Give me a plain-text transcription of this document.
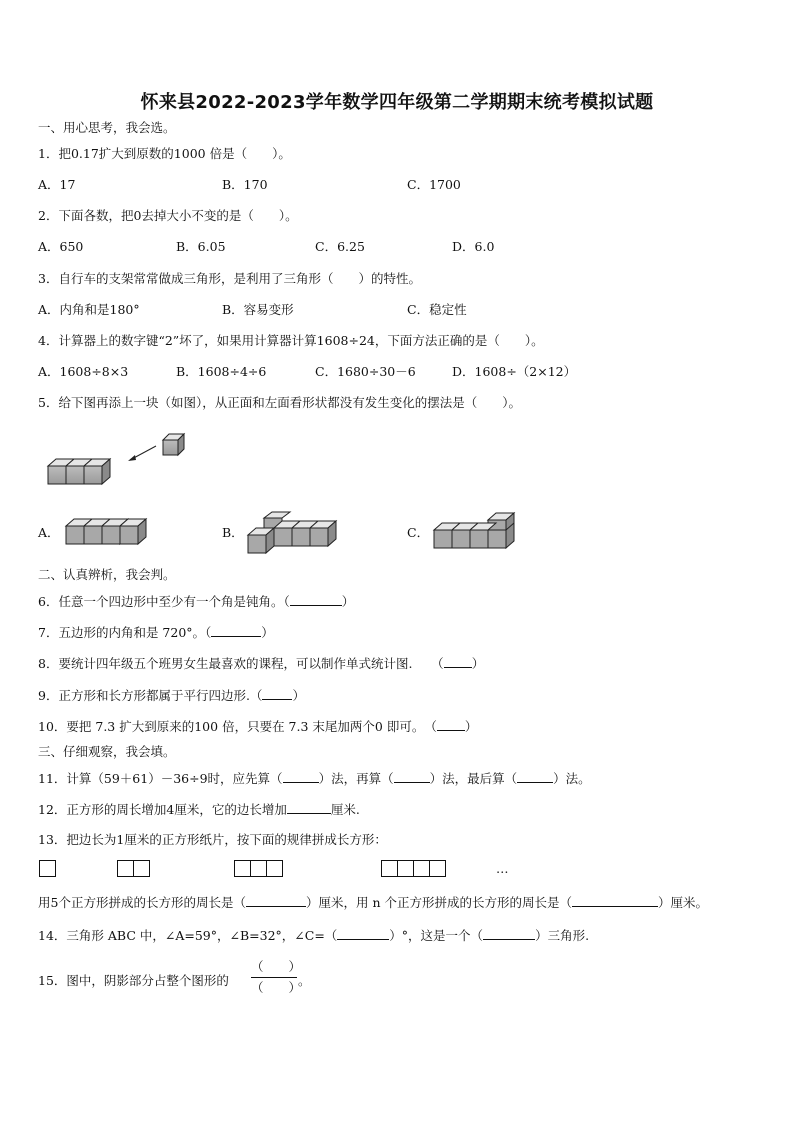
怀来县2022-2023学年数学四年级第二学期期末统考模拟试题
一、用心思考，我会选。
1．把0.17扩大到原数的1000 倍是（　　）。
A．17	B．170	C．1700
2．下面各数，把0去掉大小不变的是（　　）。
A．650	B．6.05	C．6.25	D．6.0
3．自行车的支架常常做成三角形，是利用了三角形（　　）的特性。
A．内角和是180°	B．容易变形	C．稳定性
4．计算器上的数字键“2”坏了，如果用计算器计算1608÷24，下面方法正确的是（　　）。
A．1608÷8×3	B．1608÷4÷6	C．1680÷30－6	D．1608÷（2×12）
5．给下图再添上一块（如图），从正面和左面看形状都没有发生变化的摆法是（　　）。
A．	B．	C．
二、认真辨析，我会判。
6．任意一个四边形中至少有一个角是钝角。（	）
7．五边形的内角和是 720°。（	）
8．要统计四年级五个班男女生最喜欢的课程，可以制作单式统计图.　　（ ）
9．正方形和长方形都属于平行四边形.（ ）
10．要把 7.3 扩大到原来的100 倍，只要在 7.3 末尾加两个0 即可。　（ ）
三、仔细观察，我会填。
11．计算（59＋61）－36÷9时，应先算（	）法，再算（	）法，最后算（	）法。
12．正方形的周长增加4厘米，它的边长增加	厘米.
13．把边长为1厘米的正方形纸片，按下面的规律拼成长方形：
…
用5个正方形拼成的长方形的周长是（	）厘米，用 n 个正方形拼成的长方形的周长是（	）厘米。
14．三角形 ABC 中，∠A=59°，∠B=32°，∠C=（	）°，这是一个（	）三角形.
15．图中，阴影部分占整个图形的
（　　）
（　　）
。
